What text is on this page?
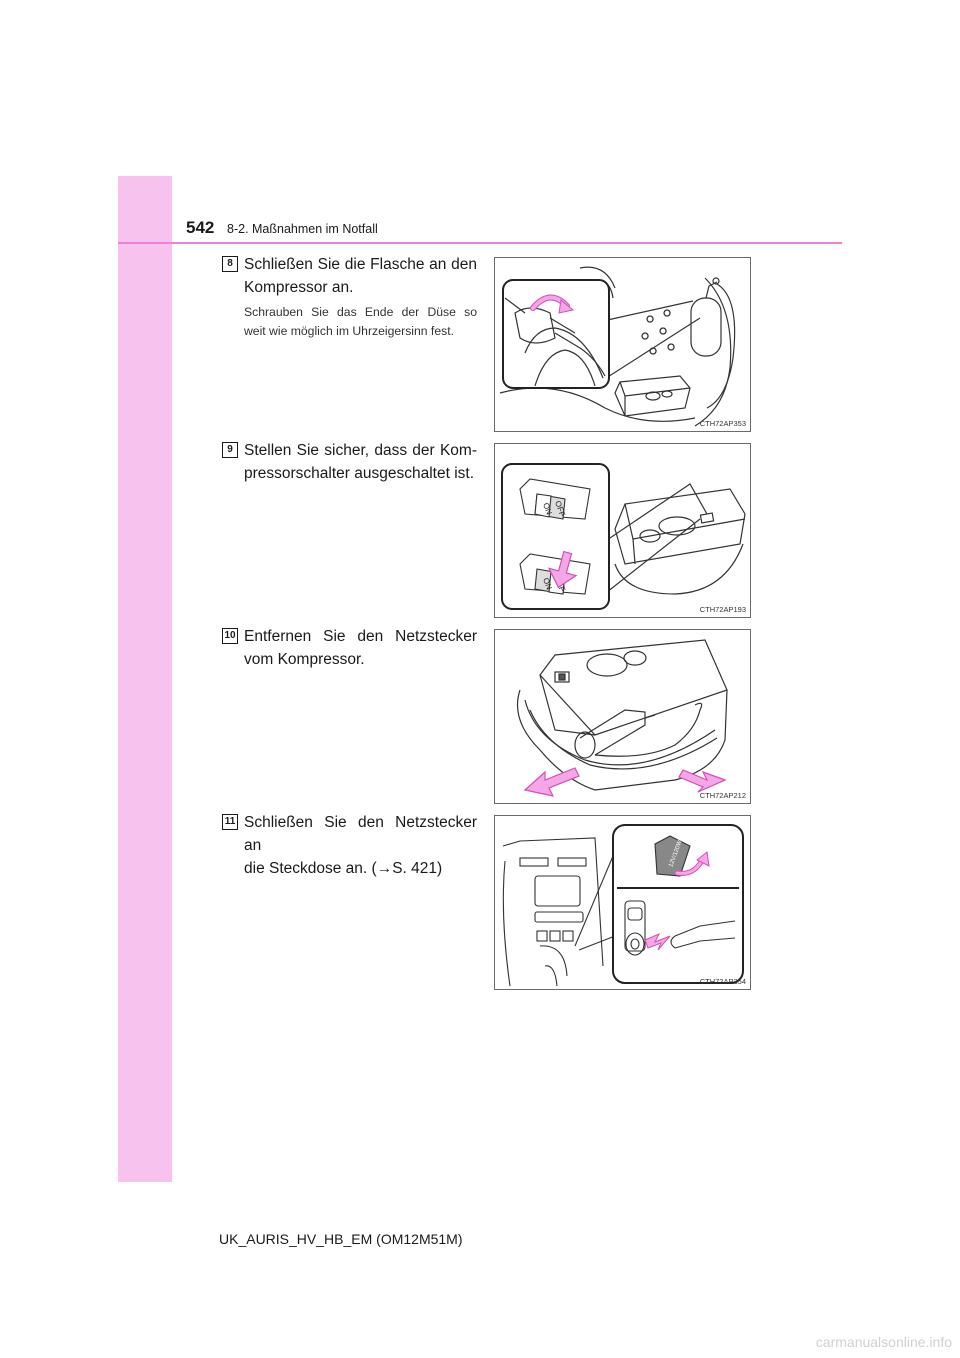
542 8-2. Maßnahmen im Notfall
8 Schließen Sie die Flasche an den
Kompressor an.
Schrauben Sie das Ende der Düse so
weit wie möglich im Uhrzeigersinn fest.
CTH72AP353
9 Stellen Sie sicher, dass der Kom-
pressorschalter ausgeschaltet ist.
ON OFF
ON
CTH72AP193
10 Entfernen Sie den Netzstecker
vom Kompressor.
CTH72AP212
11 Schließen Sie den Netzstecker an
die Steckdose an. (→S. 421)
12V/120W
CTH72AP354
UK_AURIS_HV_HB_EM (OM12M51M)
carmanualsonline.info
